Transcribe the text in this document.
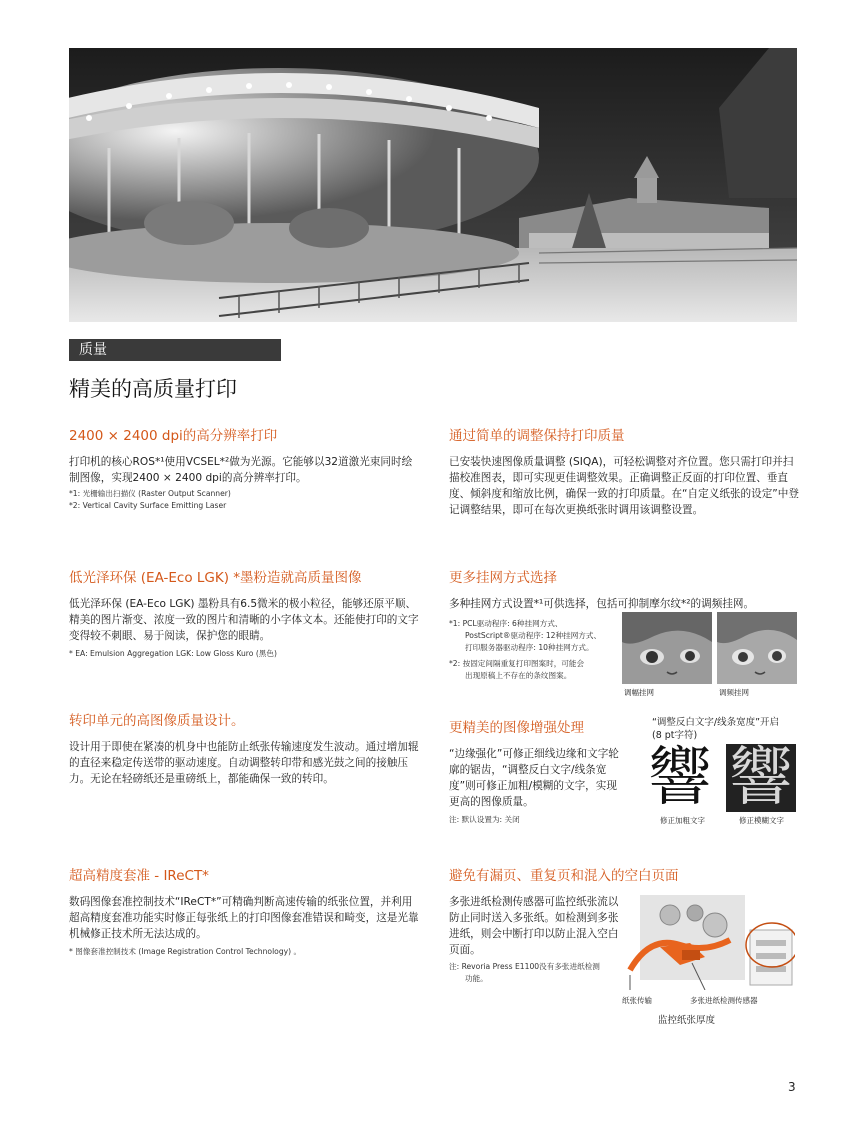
质量
精美的高质量打印
2400 × 2400 dpi的高分辨率打印

打印机的核心ROS*¹使用VCSEL*²做为光源。它能够以32道激光束同时绘制图像，实现2400 × 2400 dpi的高分辨率打印。

*1: 光栅输出扫描仪 (Raster Output Scanner)
*2: Vertical Cavity Surface Emitting Laser
通过简单的调整保持打印质量

已安装快速图像质量调整 (SIQA)，可轻松调整对齐位置。您只需打印并扫描校准图表，即可实现更佳调整效果。正确调整正反面的打印位置、垂直度、倾斜度和缩放比例，确保一致的打印质量。在“自定义纸张的设定”中登记调整结果，即可在每次更换纸张时调用该调整设置。

低光泽环保 (EA-Eco LGK) *墨粉造就高质量图像

低光泽环保 (EA-Eco LGK) 墨粉具有6.5微米的极小粒径，能够还原平顺、精美的图片渐变、浓度一致的图片和清晰的小字体文本。还能使打印的文字变得较不刺眼、易于阅读，保护您的眼睛。

* EA: Emulsion Aggregation LGK: Low Gloss Kuro (黑色)
更多挂网方式选择

多种挂网方式设置*¹可供选择，包括可抑制摩尔纹*²的调频挂网。

*1: PCL驱动程序: 6种挂网方式、
PostScript®驱动程序: 12种挂网方式、
打印服务器驱动程序: 10种挂网方式。
*2: 按固定间隔重复打印图案时，可能会
出现原稿上不存在的条纹图案。
调幅挂网	调频挂网
转印单元的高图像质量设计。

设计用于即使在紧凑的机身中也能防止纸张传输速度发生波动。通过增加辊的直径来稳定传送带的驱动速度。自动调整转印带和感光鼓之间的接触压力。无论在轻磅纸还是重磅纸上，都能确保一致的转印。

更精美的图像增强处理

“边缘强化”可修正细线边缘和文字轮廓的锯齿，“调整反白文字/线条宽度”则可修正加粗/模糊的文字，实现更高的图像质量。

注: 默认设置为: 关闭
“调整反白文字/线条宽度”开启
(8 pt字符)
響 響
修正加粗文字	修正模糊文字
超高精度套准 - IReCT*

数码图像套准控制技术“IReCT*”可精确判断高速传输的纸张位置，并利用超高精度套准功能实时修正每张纸上的打印图像套准错误和畸变，这是光靠机械修正技术所无法达成的。

* 图像套准控制技术 (Image Registration Control Technology) 。
避免有漏页、重复页和混入的空白页面

多张进纸检测传感器可监控纸张流以防止同时送入多张纸。如检测到多张进纸，则会中断打印以防止混入空白页面。

注: Revoria Press E1100没有多张进纸检测
功能。
纸张传输	多张进纸检测传感器
监控纸张厚度
3
